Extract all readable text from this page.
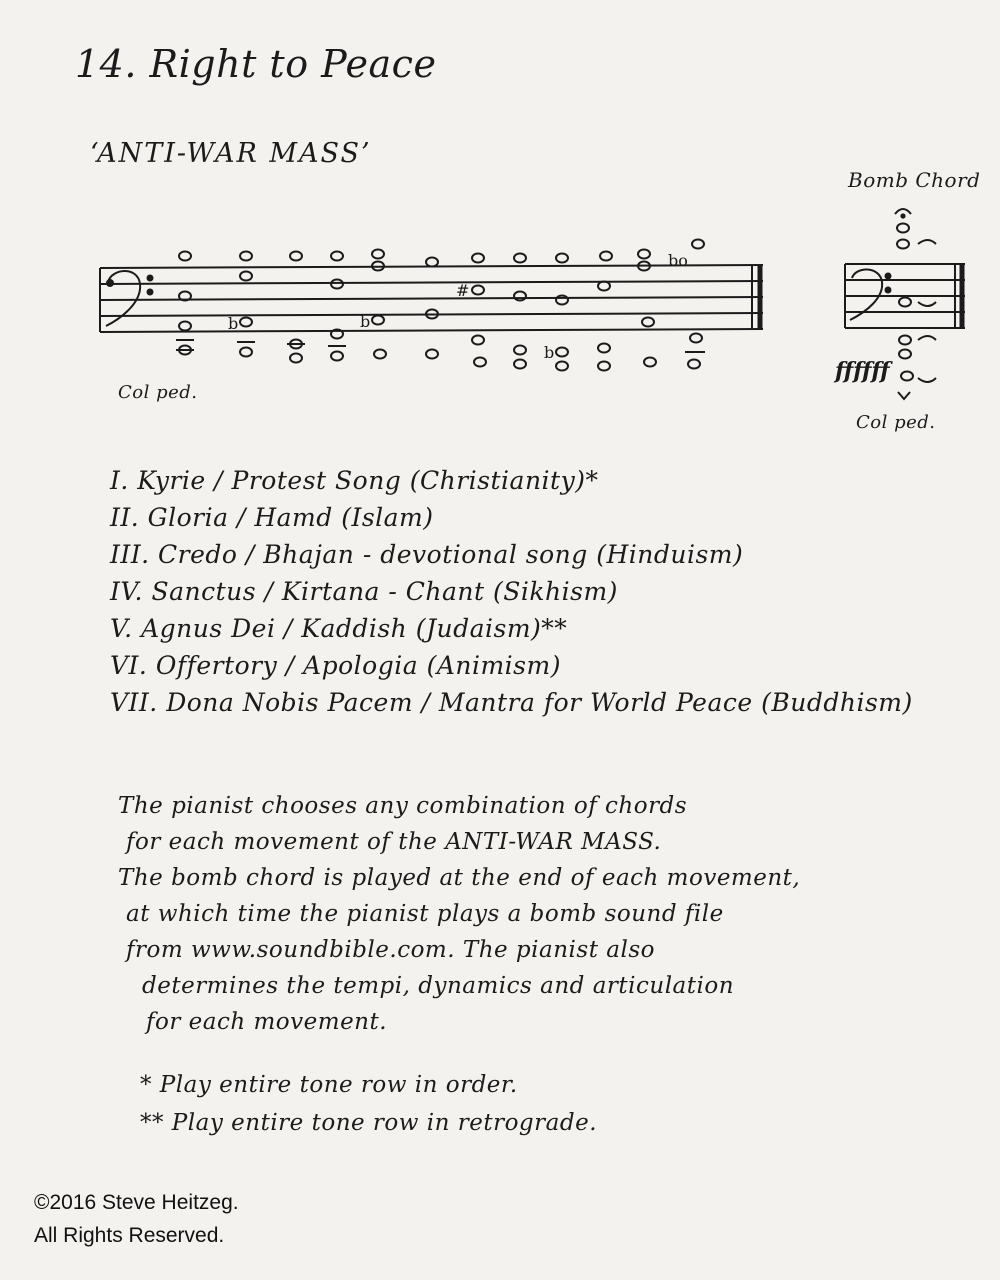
14. Right to Peace
‘ANTI-WAR MASS’
Bomb Chord
b	b
#
b
bo
Col ped.
ffffff
Col ped.
I. Kyrie / Protest Song (Christianity)*
II. Gloria / Hamd (Islam)
III. Credo / Bhajan - devotional song (Hinduism)
IV. Sanctus / Kirtana - Chant (Sikhism)
V. Agnus Dei / Kaddish (Judaism)**
VI. Offertory / Apologia (Animism)
VII. Dona Nobis Pacem / Mantra for World Peace (Buddhism)
The pianist chooses any combination of chords
for each movement of the ANTI-WAR MASS.
The bomb chord is played at the end of each movement,
at which time the pianist plays a bomb sound file
from www.soundbible.com. The pianist also
determines the tempi, dynamics and articulation
for each movement.
* Play entire tone row in order.
** Play entire tone row in retrograde.
©2016 Steve Heitzeg.
All Rights Reserved.
